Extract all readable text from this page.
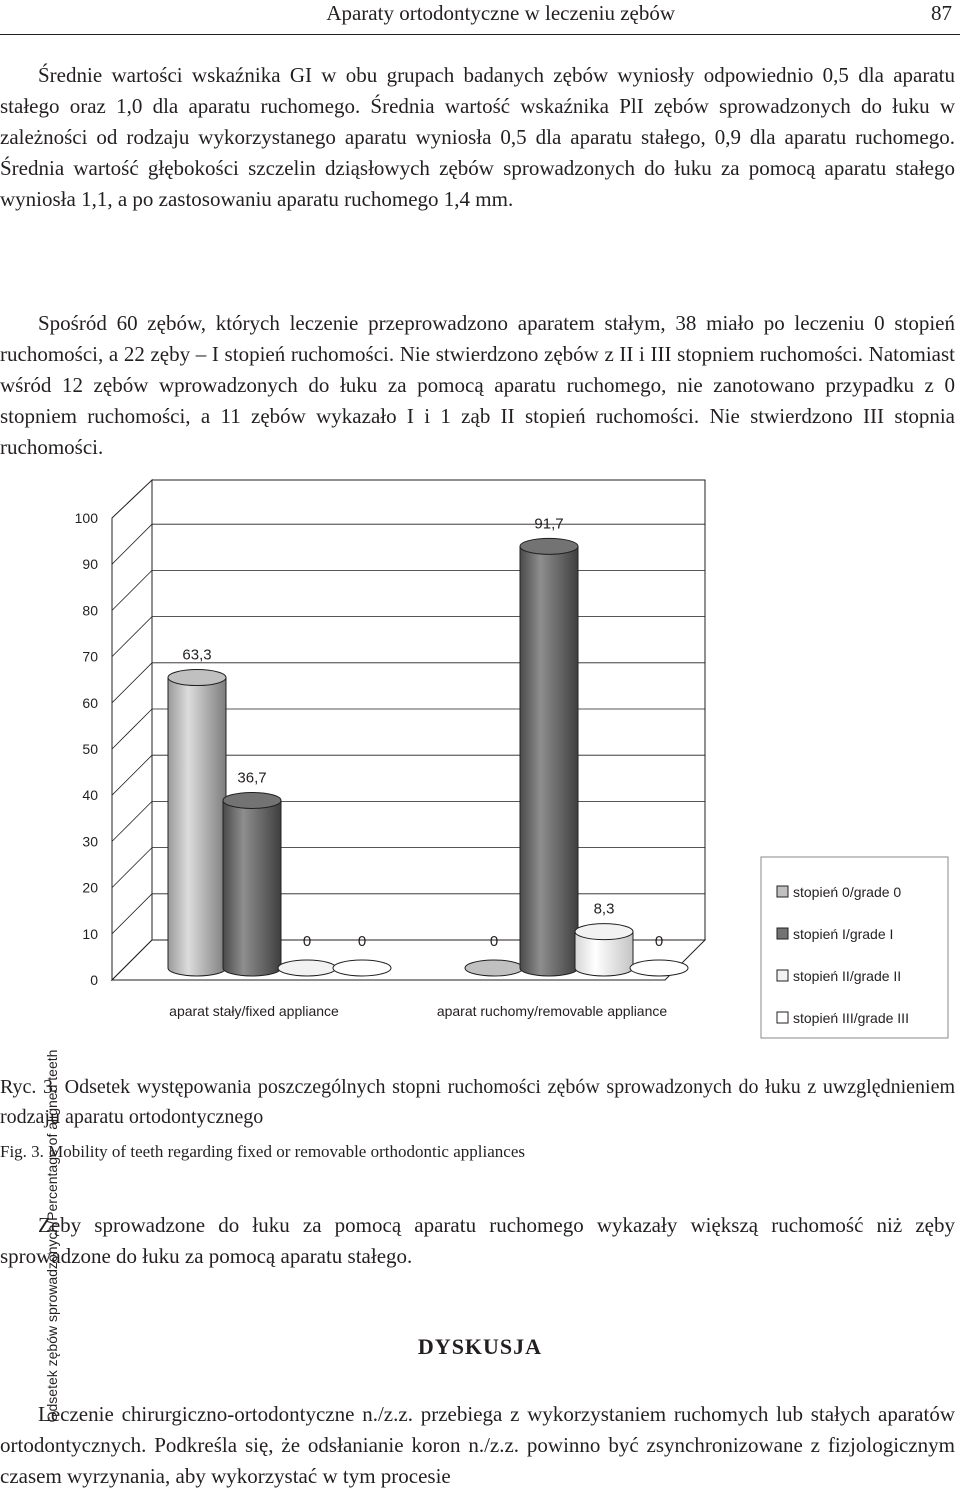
Aparaty ortodontyczne w leczeniu zębów	87

Średnie wartości wskaźnika GI w obu grupach badanych zębów wyniosły odpowiednio 0,5 dla aparatu stałego oraz 1,0 dla aparatu ruchomego. Średnia wartość wskaźnika PlI zębów sprowadzonych do łuku w zależności od rodzaju wykorzystanego aparatu wyniosła 0,5 dla aparatu stałego, 0,9 dla aparatu ruchomego. Średnia wartość głębokości szczelin dziąsłowych zębów sprowadzonych do łuku za pomocą aparatu stałego wyniosła 1,1, a po zastosowaniu aparatu ruchomego 1,4 mm.

Spośród 60 zębów, których leczenie przeprowadzono aparatem stałym, 38 miało po leczeniu 0 stopień ruchomości, a 22 zęby – I stopień ruchomości. Nie stwierdzono zębów z II i III stopniem ruchomości. Natomiast wśród 12 zębów wprowadzonych do łuku za pomocą aparatu ruchomego, nie zanotowano przypadku z 0 stopniem ruchomości, a 11 zębów wykazało I i 1 ząb II stopień ruchomości. Nie stwierdzono III stopnia ruchomości.

0
10
20
30
40
50
60
70
80
90
100
63,3
36,7
0	0	0
91,7
8,3
0
aparat stały/fixed appliance	aparat ruchomy/removable appliance
Odsetek zębów sprowadzonych/Percentage of aligned teeth
stopień 0/grade 0
stopień I/grade I
stopień II/grade II
stopień III/grade III

Ryc. 3. Odsetek występowania poszczególnych stopni ruchomości zębów sprowadzonych do łuku z uwzględnieniem rodzaju aparatu ortodontycznego

Fig. 3. Mobility of teeth regarding fixed or removable orthodontic appliances

Zęby sprowadzone do łuku za pomocą aparatu ruchomego wykazały większą ruchomość niż zęby sprowadzone do łuku za pomocą aparatu stałego.

DYSKUSJA

Leczenie chirurgiczno-ortodontyczne n./z.z. przebiega z wykorzystaniem ruchomych lub stałych aparatów ortodontycznych. Podkreśla się, że odsłanianie koron n./z.z. powinno być zsynchronizowane z fizjologicznym czasem wyrzynania, aby wykorzystać w tym procesie
